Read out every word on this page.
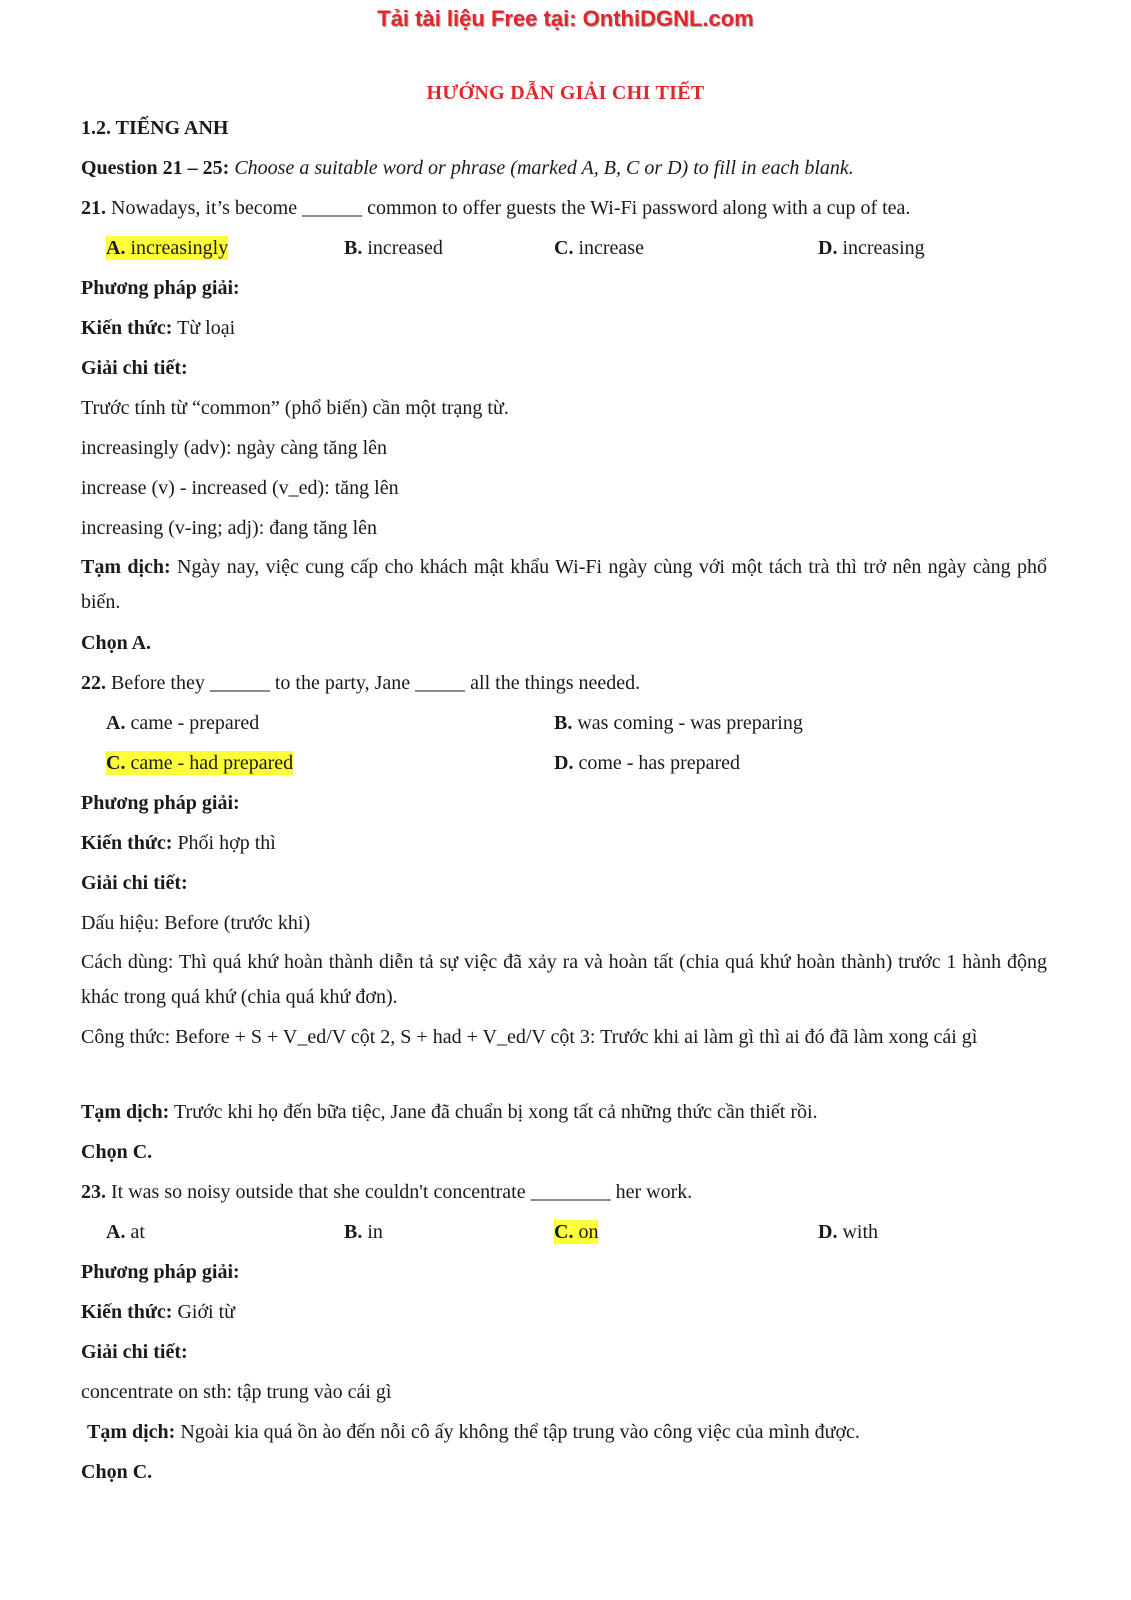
Tải tài liệu Free tại: OnthiDGNL.com
HƯỚNG DẪN GIẢI CHI TIẾT
1.2. TIẾNG ANH
Question 21 – 25: Choose a suitable word or phrase (marked A, B, C or D) to fill in each blank.
21. Nowadays, it’s become ______ common to offer guests the Wi-Fi password along with a cup of tea.
A. increasingly	B. increased	C. increase	D. increasing
Phương pháp giải:
Kiến thức: Từ loại
Giải chi tiết:
Trước tính từ “common” (phổ biến) cần một trạng từ.
increasingly (adv): ngày càng tăng lên
increase (v) - increased (v_ed): tăng lên
increasing (v-ing; adj): đang tăng lên
Tạm dịch: Ngày nay, việc cung cấp cho khách mật khẩu Wi-Fi ngày cùng với một tách trà thì trở nên ngày càng phổ biến.
Chọn A.
22. Before they ______ to the party, Jane _____ all the things needed.
A. came - prepared	B. was coming - was preparing
C. came - had prepared	D. come - has prepared
Phương pháp giải:
Kiến thức: Phối hợp thì
Giải chi tiết:
Dấu hiệu: Before (trước khi)
Cách dùng: Thì quá khứ hoàn thành diễn tả sự việc đã xảy ra và hoàn tất (chia quá khứ hoàn thành) trước 1 hành động khác trong quá khứ (chia quá khứ đơn).
Công thức: Before + S + V_ed/V cột 2, S + had + V_ed/V cột 3: Trước khi ai làm gì thì ai đó đã làm xong cái gì
Tạm dịch: Trước khi họ đến bữa tiệc, Jane đã chuẩn bị xong tất cả những thức cần thiết rồi.
Chọn C.
23. It was so noisy outside that she couldn't concentrate ________ her work.
A. at	B. in	C. on	D. with
Phương pháp giải:
Kiến thức: Giới từ
Giải chi tiết:
concentrate on sth: tập trung vào cái gì
Tạm dịch: Ngoài kia quá ồn ào đến nỗi cô ấy không thể tập trung vào công việc của mình được.
Chọn C.
